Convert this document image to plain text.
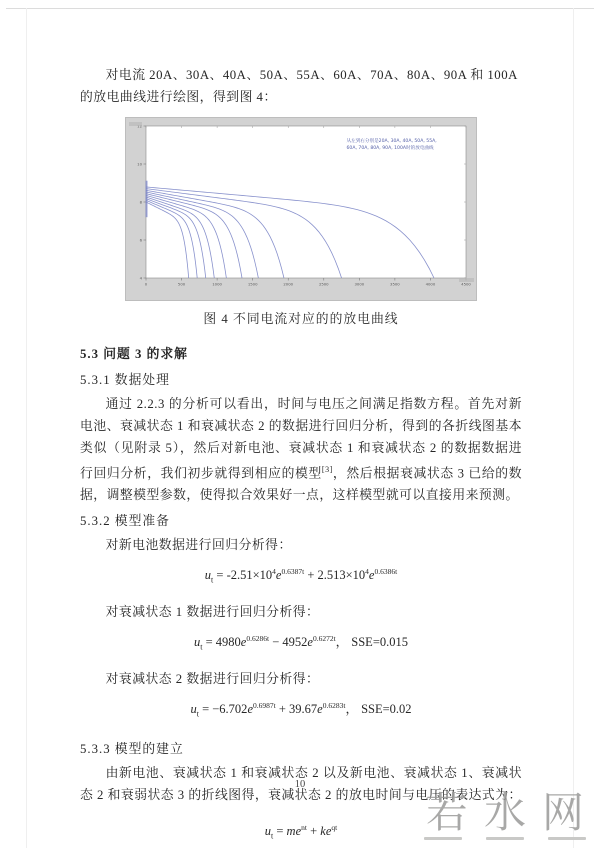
对电流 20A、30A、40A、50A、55A、60A、70A、80A、90A 和 100A 的放电曲线进行绘图，得到图 4：

0	500	1000	1500	2000	2500	3000	3500	4000	4500
4
6
8
10
从左到右分别是20A, 30A, 40A, 50A, 55A, 60A, 70A, 80A, 90A, 100A时的放电曲线
图 4 不同电流对应的的放电曲线
5.3 问题 3 的求解
5.3.1 数据处理

通过 2.2.3 的分析可以看出，时间与电压之间满足指数方程。首先对新电池、衰减状态 1 和衰减状态 2 的数据进行回归分析，得到的各折线图基本类似（见附录 5），然后对新电池、衰减状态 1 和衰减状态 2 的数据数据进行回归分析，我们初步就得到相应的模型[3]，然后根据衰减状态 3 已给的数据，调整模型参数，使得拟合效果好一点，这样模型就可以直接用来预测。

5.3.2 模型准备

对新电池数据进行回归分析得：

$u_t = -2.51\times 10^4e^{0.6387t} + 2.513\times 10^4e^{0.6386t}$

对衰减状态 1 数据进行回归分析得：

$u_t = 4980e^{0.6286t} - 4952e^{0.6272t}$， SSE=0.015

对衰减状态 2 数据进行回归分析得：

$u_t = -6.702e^{0.6987t} + 39.67e^{0.6283t}$， SSE=0.02
5.3.3 模型的建立

由新电池、衰减状态 1 和衰减状态 2 以及新电池、衰减状态 1、衰减状态 2 和衰弱状态 3 的折线图得，衰减状态 2 的放电时间与电压的表达式为：

$u_t = me^{nt} + ke^{qt}$
10
若水网
